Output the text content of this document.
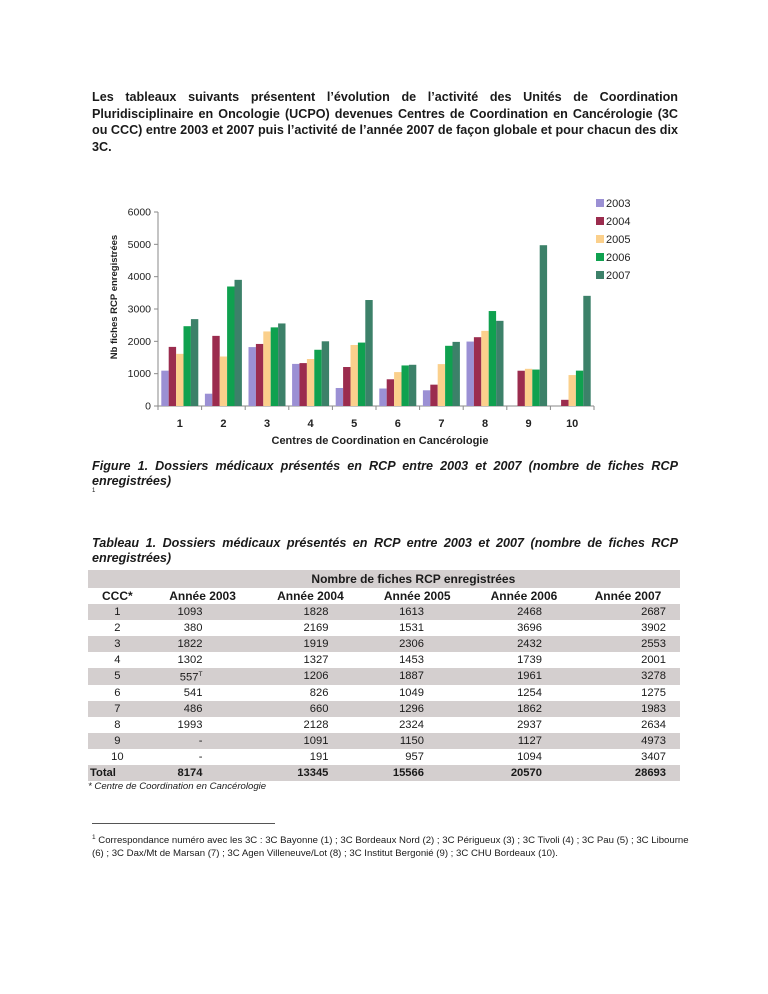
Les tableaux suivants présentent l’évolution de l’activité des Unités de Coordination Pluridisciplinaire en Oncologie (UCPO) devenues Centres de Coordination en Cancérologie (3C ou CCC) entre 2003 et 2007 puis l’activité de l’année 2007 de façon globale et pour chacun des dix 3C.

0
1000
2000
3000
4000
5000
6000
1	2	3	4	5	6	7	8	9	10
Centres de Coordination en Cancérologie
Nb fiches RCP enregistrées
2003
2004
2005
2006
2007

Figure 1. Dossiers médicaux présentés en RCP entre 2003 et 2007 (nombre de fiches RCP enregistrées)

1

Tableau 1. Dossiers médicaux présentés en RCP entre 2003 et 2007 (nombre de fiches RCP enregistrées)

	Nombre de fiches RCP enregistrées				
CCC*	Année 2003	Année 2004	Année 2005	Année 2006	Année 2007
1	1093	1828	1613	2468	2687
2	380	2169	1531	3696	3902
3	1822	1919	2306	2432	2553
4	1302	1327	1453	1739	2001
5	$557^T$	1206	1887	1961	3278
6	541	826	1049	1254	1275
7	486	660	1296	1862	1983
8	1993	2128	2324	2937	2634
9	-	1091	1150	1127	4973
10	-	191	957	1094	3407
Total	8174	13345	15566	20570	28693
* Centre de Coordination en Cancérologie

$^1$ Correspondance numéro avec les 3C : 3C Bayonne (1) ; 3C Bordeaux Nord (2) ; 3C Périgueux (3) ; 3C Tivoli (4) ; 3C Pau (5) ; 3C Libourne (6) ; 3C Dax/Mt de Marsan (7) ; 3C Agen Villeneuve/Lot (8) ; 3C Institut Bergonié (9) ; 3C CHU Bordeaux (10).
